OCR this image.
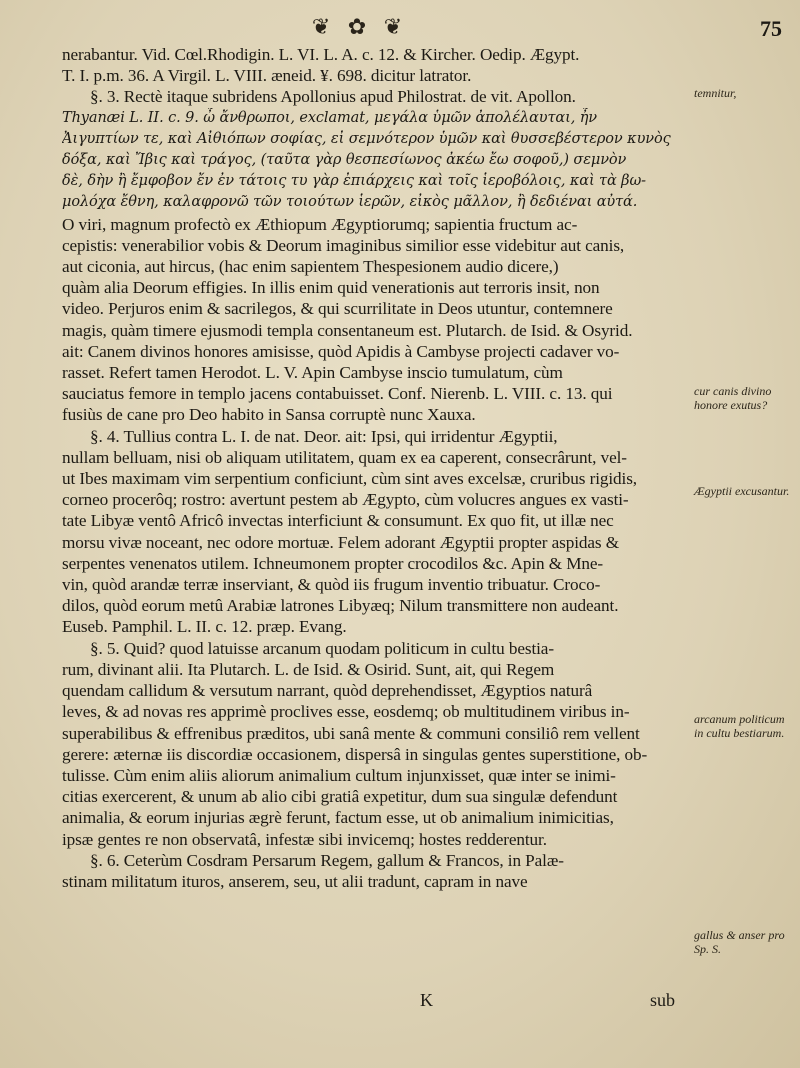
❦ ✿ ❦	75
nerabantur. Vid. Cœl.Rhodigin. L. VI. L. A. c. 12. & Kircher. Oedip. Ægypt.
T. I. p.m. 36. A Virgil. L. VIII. æneid. ¥. 698. dicitur latrator.
§. 3. Rectè itaque subridens Apollonius apud Philostrat. de vit. Apollon.
Thyanæi L. II. c. 9. ὦ ἄνθρωποι, exclamat, μεγάλα ὑμῶν ἀπολέλαυται, ἦν
Ἀιγυπτίων τε, καὶ Αἰθιόπων σοφίας, εἰ σεμνότερον ὑμῶν καὶ θυσσεβέστερον κυνὸς
δόξα, καὶ Ἴβις καὶ τράγος, (ταῦτα γὰρ θεσπεσίωνος ἀκέω ἔω σοφοῦ,) σεμνὸν
δὲ, δὴν ἢ ἔμφοβον ἔν ἐν τάτοις τυ γὰρ ἐπιάρχεις καὶ τοῖς ἱεροβόλοις, καὶ τὰ βω-
μολόχα ἔθνη, καλαφρονῶ τῶν τοιούτων ἱερῶν, εἰκὸς μᾶλλον, ἢ δεδιέναι αὐτά.
O viri, magnum profectò ex Æthiopum Ægyptiorumq; sapientia fructum ac-
cepistis: venerabilior vobis & Deorum imaginibus similior esse videbitur aut canis,
aut ciconia, aut hircus, (hac enim sapientem Thespesionem audio dicere,)
quàm alia Deorum effigies. In illis enim quid venerationis aut terroris insit, non
video. Perjuros enim & sacrilegos, & qui scurrilitate in Deos utuntur, contemnere
magis, quàm timere ejusmodi templa consentaneum est. Plutarch. de Isid. & Osyrid.
ait: Canem divinos honores amisisse, quòd Apidis à Cambyse projecti cadaver vo-
rasset. Refert tamen Herodot. L. V. Apin Cambyse inscio tumulatum, cùm
sauciatus femore in templo jacens contabuisset. Conf. Nierenb. L. VIII. c. 13. qui
fusiùs de cane pro Deo habito in Sansa corruptè nunc Xauxa.
§. 4. Tullius contra L. I. de nat. Deor. ait: Ipsi, qui irridentur Ægyptii,
nullam belluam, nisi ob aliquam utilitatem, quam ex ea caperent, consecrârunt, vel-
ut Ibes maximam vim serpentium conficiunt, cùm sint aves excelsæ, cruribus rigidis,
corneo procerôq; rostro: avertunt pestem ab Ægypto, cùm volucres angues ex vasti-
tate Libyæ ventô Africô invectas interficiunt & consumunt. Ex quo fit, ut illæ nec
morsu vivæ noceant, nec odore mortuæ. Felem adorant Ægyptii propter aspidas &
serpentes venenatos utilem. Ichneumonem propter crocodilos &c. Apin & Mne-
vin, quòd arandæ terræ inserviant, & quòd iis frugum inventio tribuatur. Croco-
dilos, quòd eorum metû Arabiæ latrones Libyæq; Nilum transmittere non audeant.
Euseb. Pamphil. L. II. c. 12. præp. Evang.
§. 5. Quid? quod latuisse arcanum quodam politicum in cultu bestia-
rum, divinant alii. Ita Plutarch. L. de Isid. & Osirid. Sunt, ait, qui Regem
quendam callidum & versutum narrant, quòd deprehendisset, Ægyptios naturâ
leves, & ad novas res apprimè proclives esse, eosdemq; ob multitudinem viribus in-
superabilibus & effrenibus præditos, ubi sanâ mente & communi consiliô rem vellent
gerere: æternæ iis discordiæ occasionem, dispersâ in singulas gentes superstitione, ob-
tulisse. Cùm enim aliis aliorum animalium cultum injunxisset, quæ inter se inimi-
citias exercerent, & unum ab alio cibi gratiâ expetitur, dum sua singulæ defendunt
animalia, & eorum injurias ægrè ferunt, factum esse, ut ob animalium inimicitias,
ipsæ gentes re non observatâ, infestæ sibi invicemq; hostes redderentur.
§. 6. Ceterùm Cosdram Persarum Regem, gallum & Francos, in Palæ-
stinam militatum ituros, anserem, seu, ut alii tradunt, capram in nave
temnitur,
cur canis divino honore exutus?
Ægyptii excusantur.
arcanum politicum in cultu bestiarum.
gallus & anser pro Sp. S.
K	sub
